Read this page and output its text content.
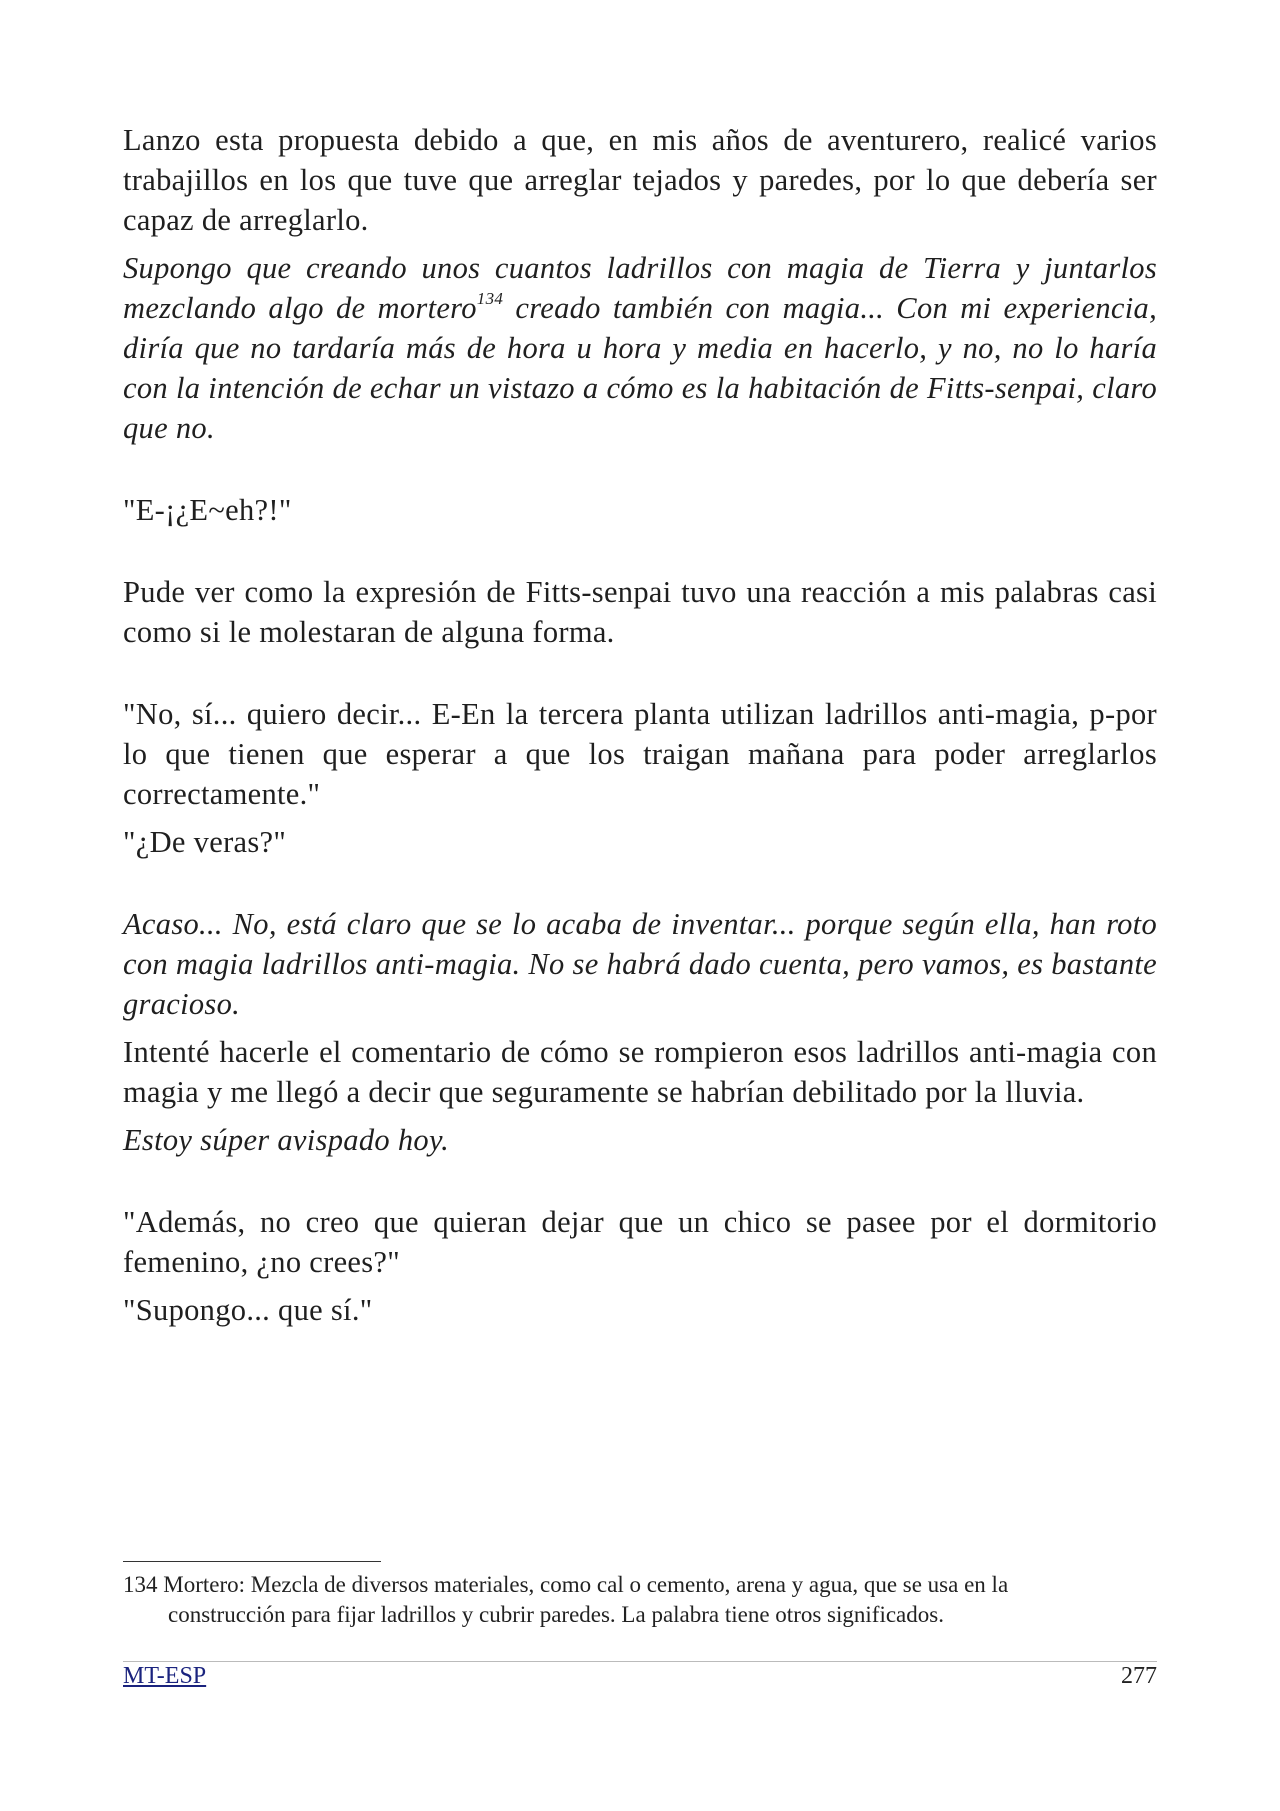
Lanzo esta propuesta debido a que, en mis años de aventurero, realicé varios trabajillos en los que tuve que arreglar tejados y paredes, por lo que debería ser capaz de arreglarlo.

Supongo que creando unos cuantos ladrillos con magia de Tierra y juntarlos mezclando algo de mortero$^{134}$ creado también con magia... Con mi experiencia, diría que no tardaría más de hora u hora y media en hacerlo, y no, no lo haría con la intención de echar un vistazo a cómo es la habitación de Fitts-senpai, claro que no.

"E-¡¿E~eh?!"

Pude ver como la expresión de Fitts-senpai tuvo una reacción a mis palabras casi como si le molestaran de alguna forma.

"No, sí... quiero decir... E-En la tercera planta utilizan ladrillos anti-magia, p-por lo que tienen que esperar a que los traigan mañana para poder arreglarlos correctamente."

"¿De veras?"

Acaso... No, está claro que se lo acaba de inventar... porque según ella, han roto con magia ladrillos anti-magia. No se habrá dado cuenta, pero vamos, es bastante gracioso.

Intenté hacerle el comentario de cómo se rompieron esos ladrillos anti-magia con magia y me llegó a decir que seguramente se habrían debilitado por la lluvia.

Estoy súper avispado hoy.

"Además, no creo que quieran dejar que un chico se pasee por el dormitorio femenino, ¿no crees?"

"Supongo... que sí."

134 Mortero: Mezcla de diversos materiales, como cal o cemento, arena y agua, que se usa en la
construcción para fijar ladrillos y cubrir paredes. La palabra tiene otros significados.
MT-ESP	277
